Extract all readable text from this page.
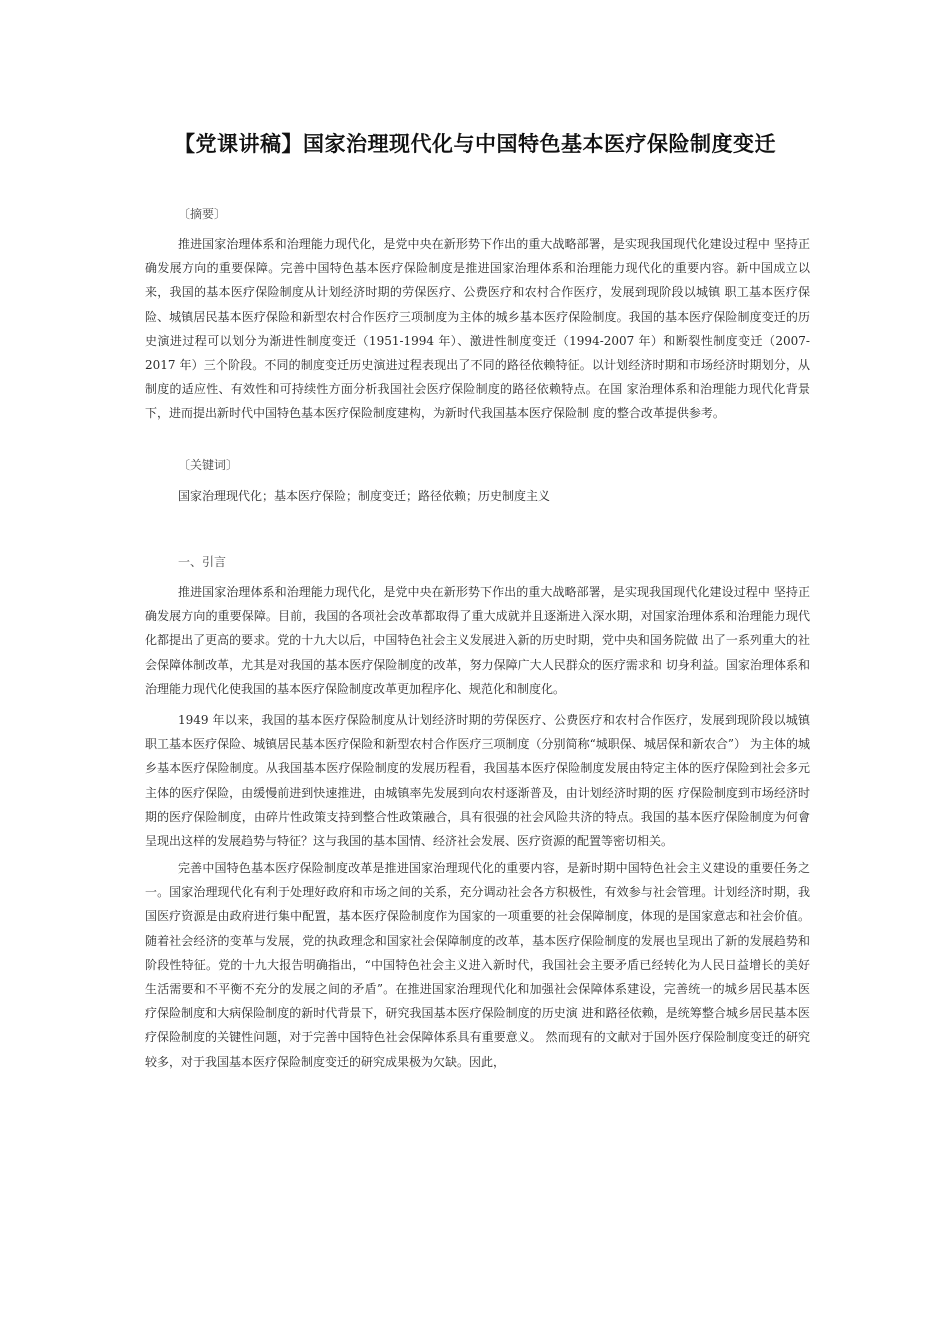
【党课讲稿】国家治理现代化与中国特色基本医疗保险制度变迁
〔摘要〕

推进国家治理体系和治理能力现代化，是党中央在新形势下作出的重大战略部署，是实现我国现代化建设过程中 坚持正确发展方向的重要保障。完善中国特色基本医疗保险制度是推进国家治理体系和治理能力现代化的重要内容。新中国成立以来，我国的基本医疗保险制度从计划经济时期的劳保医疗、公费医疗和农村合作医疗，发展到现阶段以城镇 职工基本医疗保险、城镇居民基本医疗保险和新型农村合作医疗三项制度为主体的城乡基本医疗保险制度。我国的基本医疗保险制度变迁的历史演进过程可以划分为渐进性制度变迁（1951-1994 年）、激进性制度变迁（1994-2007 年）和断裂性制度变迁（2007-2017 年）三个阶段。不同的制度变迁历史演进过程表现出了不同的路径依赖特征。以计划经济时期和市场经济时期划分，从制度的适应性、有效性和可持续性方面分析我国社会医疗保险制度的路径依赖特点。在国 家治理体系和治理能力现代化背景下，进而提出新时代中国特色基本医疗保险制度建构，为新时代我国基本医疗保险制 度的整合改革提供参考。

〔关键词〕
国家治理现代化；基本医疗保险；制度变迁；路径依赖；历史制度主义
一、引言

推进国家治理体系和治理能力现代化，是党中央在新形势下作出的重大战略部署，是实现我国现代化建设过程中 坚持正确发展方向的重要保障。目前，我国的各项社会改革都取得了重大成就并且逐渐进入深水期，对国家治理体系和治理能力现代化都提出了更高的要求。党的十九大以后，中国特色社会主义发展进入新的历史时期，党中央和国务院做 出了一系列重大的社会保障体制改革，尤其是对我国的基本医疗保险制度的改革，努力保障广大人民群众的医疗需求和 切身利益。国家治理体系和治理能力现代化使我国的基本医疗保险制度改革更加程序化、规范化和制度化。

1949 年以来，我国的基本医疗保险制度从计划经济时期的劳保医疗、公费医疗和农村合作医疗，发展到现阶段以城镇职工基本医疗保险、城镇居民基本医疗保险和新型农村合作医疗三项制度（分别简称“城职保、城居保和新农合”） 为主体的城乡基本医疗保险制度。从我国基本医疗保险制度的发展历程看，我国基本医疗保险制度发展由特定主体的医疗保险到社会多元主体的医疗保险，由缓慢前进到快速推进，由城镇率先发展到向农村逐渐普及，由计划经济时期的医 疗保险制度到市场经济时期的医疗保险制度，由碎片性政策支持到整合性政策融合，具有很强的社会风险共济的特点。我国的基本医疗保险制度为何會呈现出这样的发展趋势与特征？这与我国的基本国情、经济社会发展、医疗资源的配置等密切相关。

完善中国特色基本医疗保险制度改革是推进国家治理现代化的重要内容，是新时期中国特色社会主义建设的重要任务之一。国家治理现代化有利于处理好政府和市场之间的关系，充分调动社会各方积极性，有效参与社会管理。计划经济时期，我国医疗资源是由政府进行集中配置，基本医疗保险制度作为国家的一项重要的社会保障制度，体现的是国家意志和社会价值。随着社会经济的变革与发展，党的执政理念和国家社会保障制度的改革，基本医疗保险制度的发展也呈现出了新的发展趋势和阶段性特征。党的十九大报告明确指出，“中国特色社会主义进入新时代，我国社会主要矛盾已经转化为人民日益增长的美好生活需要和不平衡不充分的发展之间的矛盾”。在推进国家治理现代化和加强社会保障体系建设，完善统一的城乡居民基本医疗保险制度和大病保险制度的新时代背景下，研究我国基本医疗保险制度的历史演 进和路径依赖，是统筹整合城乡居民基本医疗保险制度的关键性问题，对于完善中国特色社会保障体系具有重要意义。 然而现有的文献对于国外医疗保险制度变迁的研究较多，对于我国基本医疗保险制度变迁的研究成果极为欠缺。因此，
